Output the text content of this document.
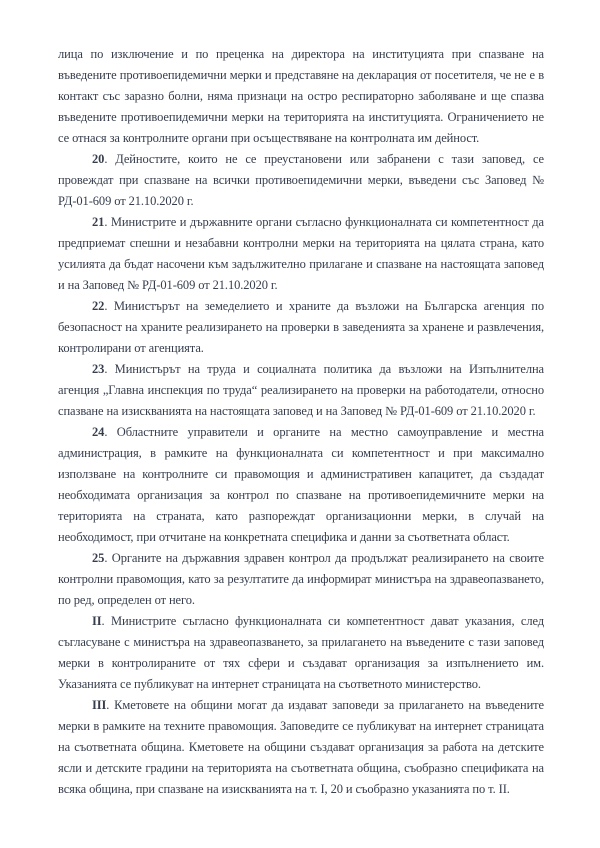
лица по изключение и по преценка на директора на институцията при спазване на въведените противоепидемични мерки и представяне на декларация от посетителя, че не е в контакт със заразно болни, няма признаци на остро респираторно заболяване и ще спазва въведените противоепидемични мерки на територията на институцията. Ограничението не се отнася за контролните органи при осъществяване на контролната им дейност.

20. Дейностите, които не се преустановени или забранени с тази заповед, се провеждат при спазване на всички противоепидемични мерки, въведени със Заповед № РД-01-609 от 21.10.2020 г.

21. Министрите и държавните органи съгласно функционалната си компетентност да предприемат спешни и незабавни контролни мерки на територията на цялата страна, като усилията да бъдат насочени към задължително прилагане и спазване на настоящата заповед и на Заповед № РД-01-609 от 21.10.2020 г.

22. Министърът на земеделието и храните да възложи на Българска агенция по безопасност на храните реализирането на проверки в заведенията за хранене и развлечения, контролирани от агенцията.

23. Министърът на труда и социалната политика да възложи на Изпълнителна агенция „Главна инспекция по труда“ реализирането на проверки на работодатели, относно спазване на изискванията на настоящата заповед и на Заповед № РД-01-609 от 21.10.2020 г.

24. Областните управители и органите на местно самоуправление и местна администрация, в рамките на функционалната си компетентност и при максимално използване на контролните си правомощия и административен капацитет, да създадат необходимата организация за контрол по спазване на противоепидемичните мерки на територията на страната, като разпореждат организационни мерки, в случай на необходимост, при отчитане на конкретната специфика и данни за съответната област.

25. Органите на държавния здравен контрол да продължат реализирането на своите контролни правомощия, като за резултатите да информират министъра на здравеопазването, по ред, определен от него.

II. Министрите съгласно функционалната си компетентност дават указания, след съгласуване с министъра на здравеопазването, за прилагането на въведените с тази заповед мерки в контролираните от тях сфери и създават организация за изпълнението им. Указанията се публикуват на интернет страницата на съответното министерство.

III. Кметовете на общини могат да издават заповеди за прилагането на въведените мерки в рамките на техните правомощия. Заповедите се публикуват на интернет страницата на съответната община. Кметовете на общини създават организация за работа на детските ясли и детските градини на територията на съответната община, съобразно спецификата на всяка община, при спазване на изискванията на т. I, 20 и съобразно указанията по т. II.
